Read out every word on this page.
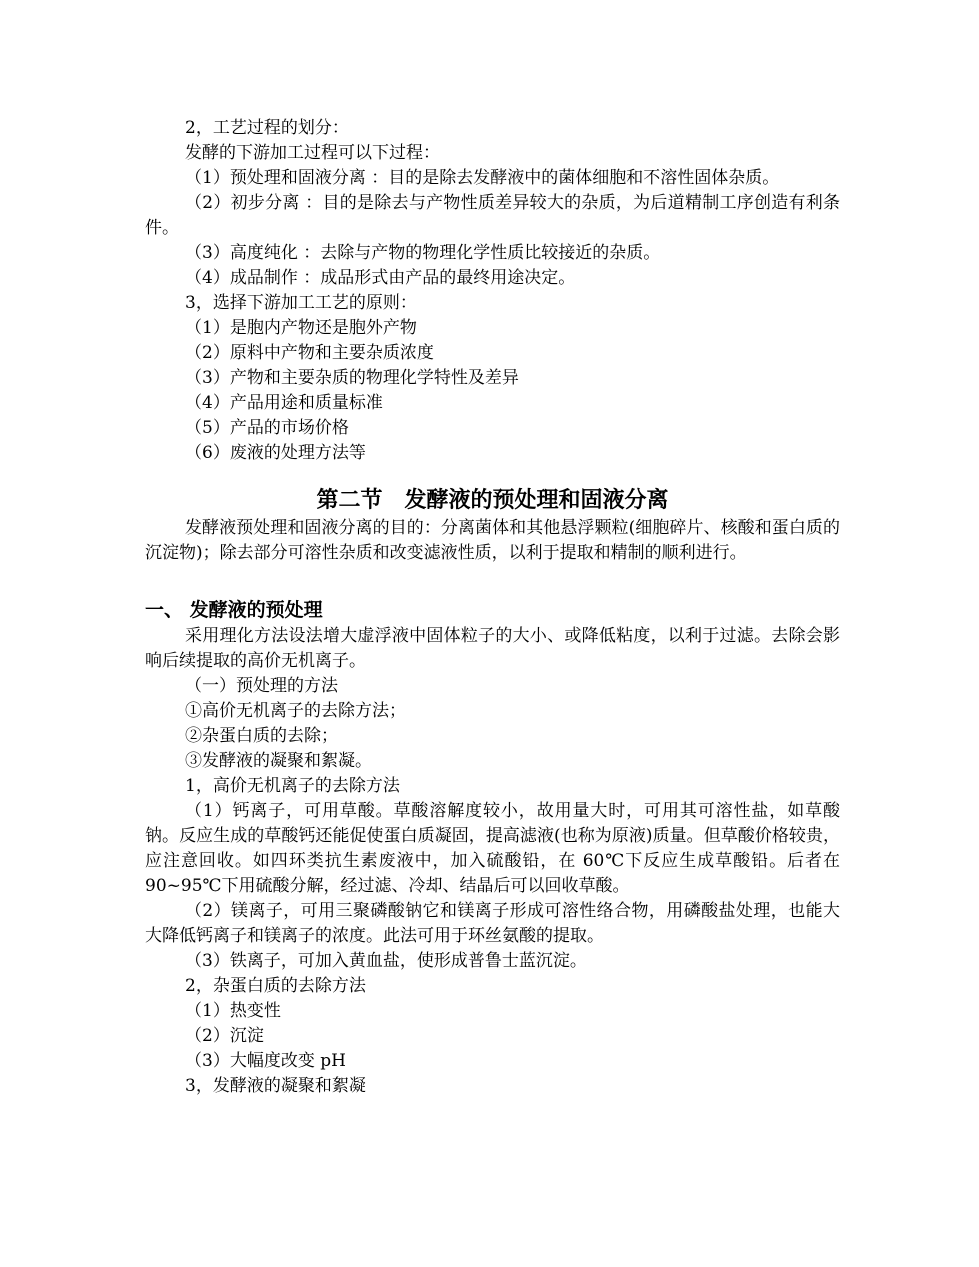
2，工艺过程的划分：

发酵的下游加工过程可以下过程：

（1）预处理和固液分离 ：目的是除去发酵液中的菌体细胞和不溶性固体杂质。

（2）初步分离 ：目的是除去与产物性质差异较大的杂质，为后道精制工序创造有利条件。

（3）高度纯化 ：去除与产物的物理化学性质比较接近的杂质。

（4）成品制作 ：成品形式由产品的最终用途决定。

3，选择下游加工工艺的原则：

（1）是胞内产物还是胞外产物

（2）原料中产物和主要杂质浓度

（3）产物和主要杂质的物理化学特性及差异

（4）产品用途和质量标准

（5）产品的市场价格

（6）废液的处理方法等

第二节　发酵液的预处理和固液分离

发酵液预处理和固液分离的目的：分离菌体和其他悬浮颗粒(细胞碎片、核酸和蛋白质的沉淀物)；除去部分可溶性杂质和改变滤液性质，以利于提取和精制的顺利进行。

一、 发酵液的预处理

采用理化方法设法增大虚浮液中固体粒子的大小、或降低粘度，以利于过滤。去除会影响后续提取的高价无机离子。

（一）预处理的方法

①高价无机离子的去除方法；

②杂蛋白质的去除；

③发酵液的凝聚和絮凝。

1，高价无机离子的去除方法

（1）钙离子，可用草酸。草酸溶解度较小，故用量大时，可用其可溶性盐，如草酸钠。反应生成的草酸钙还能促使蛋白质凝固，提高滤液(也称为原液)质量。但草酸价格较贵，应注意回收。如四环类抗生素废液中，加入硫酸铅，在 60℃下反应生成草酸铅。后者在 90~95℃下用硫酸分解，经过滤、冷却、结晶后可以回收草酸。

（2）镁离子，可用三聚磷酸钠它和镁离子形成可溶性络合物，用磷酸盐处理，也能大大降低钙离子和镁离子的浓度。此法可用于环丝氨酸的提取。

（3）铁离子，可加入黄血盐，使形成普鲁士蓝沉淀。

2，杂蛋白质的去除方法

（1）热变性

（2）沉淀

（3）大幅度改变 pH

3，发酵液的凝聚和絮凝
